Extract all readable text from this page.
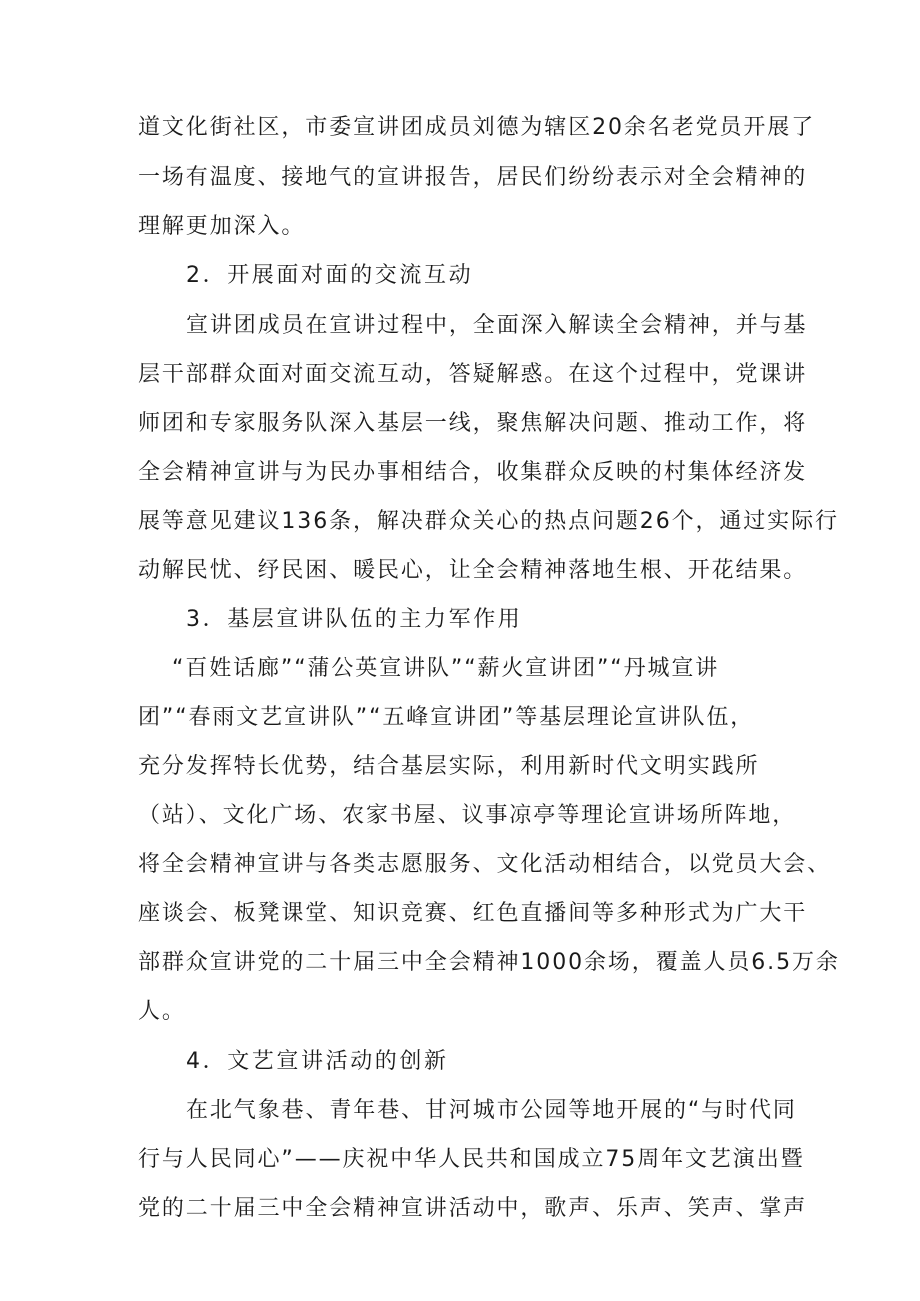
道文化街社区，市委宣讲团成员刘德为辖区20余名老党员开展了
一场有温度、接地气的宣讲报告，居民们纷纷表示对全会精神的
理解更加深入。
2．开展面对面的交流互动
宣讲团成员在宣讲过程中，全面深入解读全会精神，并与基
层干部群众面对面交流互动，答疑解惑。在这个过程中，党课讲
师团和专家服务队深入基层一线，聚焦解决问题、推动工作，将
全会精神宣讲与为民办事相结合，收集群众反映的村集体经济发
展等意见建议136条，解决群众关心的热点问题26个，通过实际行
动解民忧、纾民困、暖民心，让全会精神落地生根、开花结果。
3．基层宣讲队伍的主力军作用
“百姓话廊”“蒲公英宣讲队”“薪火宣讲团”“丹城宣讲
团”“春雨文艺宣讲队”“五峰宣讲团”等基层理论宣讲队伍，
充分发挥特长优势，结合基层实际，利用新时代文明实践所
（站）、文化广场、农家书屋、议事凉亭等理论宣讲场所阵地，
将全会精神宣讲与各类志愿服务、文化活动相结合，以党员大会、
座谈会、板凳课堂、知识竞赛、红色直播间等多种形式为广大干
部群众宣讲党的二十届三中全会精神1000余场，覆盖人员6.5万余
人。
4．文艺宣讲活动的创新
在北气象巷、青年巷、甘河城市公园等地开展的“与时代同
行与人民同心”——庆祝中华人民共和国成立75周年文艺演出暨
党的二十届三中全会精神宣讲活动中，歌声、乐声、笑声、掌声
